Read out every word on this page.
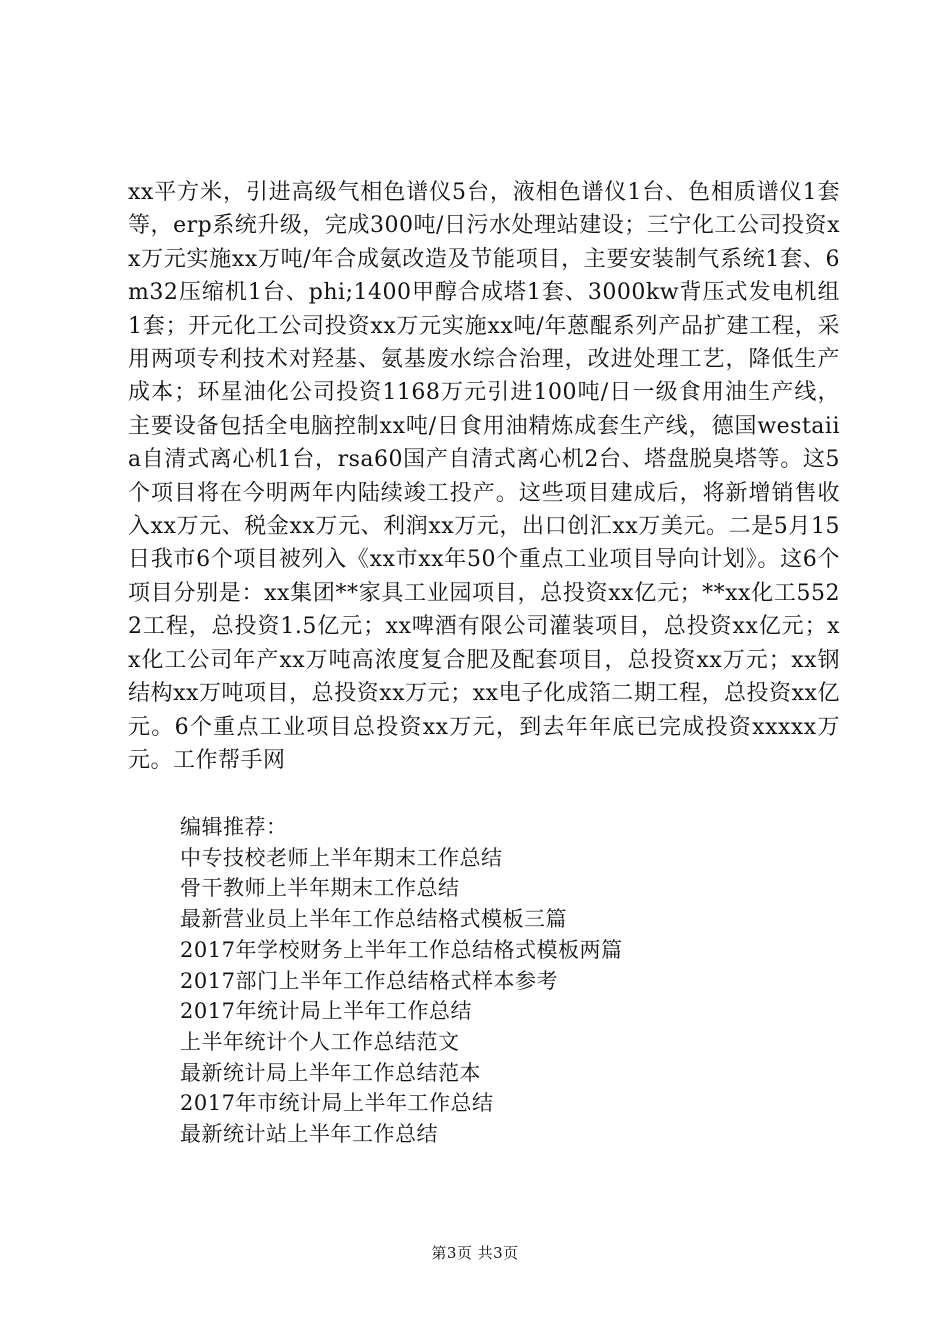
xx平方米，引进高级气相色谱仪5台，液相色谱仪1台、色相质谱仪1套等，erp系统升级，完成300吨/日污水处理站建设；三宁化工公司投资xx万元实施xx万吨/年合成氨改造及节能项目，主要安装制气系统1套、6m32压缩机1台、phi;1400甲醇合成塔1套、3000kw背压式发电机组1套；开元化工公司投资xx万元实施xx吨/年蒽醌系列产品扩建工程，采用两项专利技术对羟基、氨基废水综合治理，改进处理工艺，降低生产成本；环星油化公司投资1168万元引进100吨/日一级食用油生产线，主要设备包括全电脑控制xx吨/日食用油精炼成套生产线，德国westaiia自清式离心机1台，rsa60国产自清式离心机2台、塔盘脱臭塔等。这5个项目将在今明两年内陆续竣工投产。这些项目建成后，将新增销售收入xx万元、税金xx万元、利润xx万元，出口创汇xx万美元。二是5月15日我市6个项目被列入《xx市xx年50个重点工业项目导向计划》。这6个项目分别是：xx集团**家具工业园项目，总投资xx亿元；**xx化工5522工程，总投资1.5亿元；xx啤酒有限公司灌装项目，总投资xx亿元；xx化工公司年产xx万吨高浓度复合肥及配套项目，总投资xx万元；xx钢结构xx万吨项目，总投资xx万元；xx电子化成箔二期工程，总投资xx亿元。6个重点工业项目总投资xx万元，到去年年底已完成投资xxxxx万元。工作帮手网

编辑推荐：
中专技校老师上半年期末工作总结
骨干教师上半年期末工作总结
最新营业员上半年工作总结格式模板三篇
2017年学校财务上半年工作总结格式模板两篇
2017部门上半年工作总结格式样本参考
2017年统计局上半年工作总结
上半年统计个人工作总结范文
最新统计局上半年工作总结范本
2017年市统计局上半年工作总结
最新统计站上半年工作总结
第3页 共3页
